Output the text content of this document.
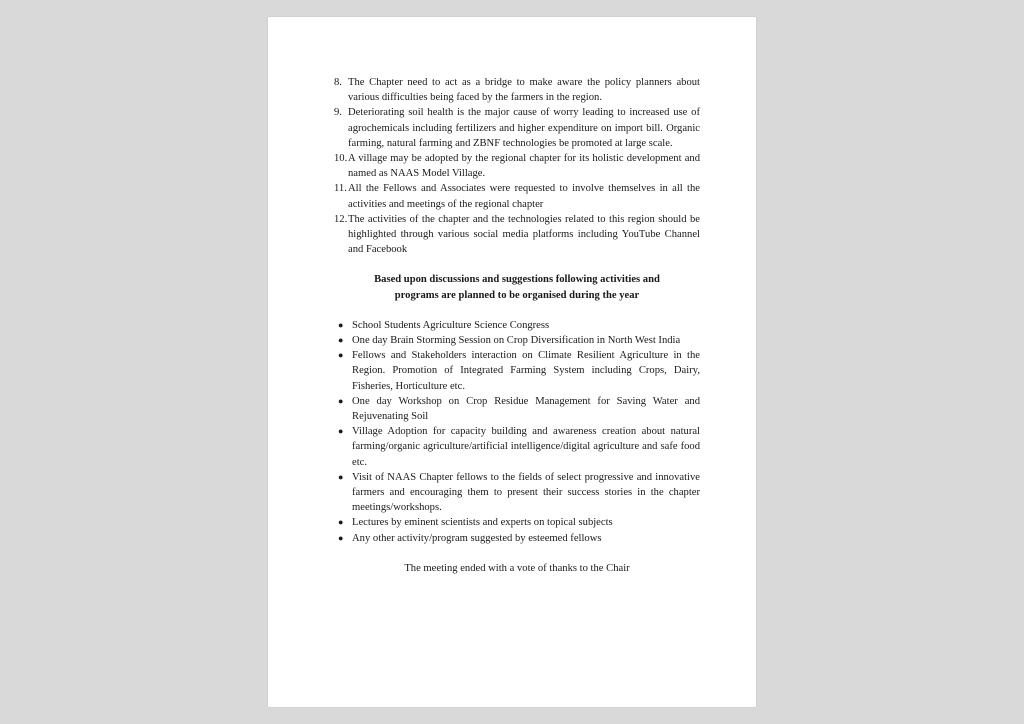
8. The Chapter need to act as a bridge to make aware the policy planners about various difficulties being faced by the farmers in the region.
9. Deteriorating soil health is the major cause of worry leading to increased use of agrochemicals including fertilizers and higher expenditure on import bill. Organic farming, natural farming and ZBNF technologies be promoted at large scale.
10. A village may be adopted by the regional chapter for its holistic development and named as NAAS Model Village.
11. All the Fellows and Associates were requested to involve themselves in all the activities and meetings of the regional chapter
12. The activities of the chapter and the technologies related to this region should be highlighted through various social media platforms including YouTube Channel and Facebook
Based upon discussions and suggestions following activities and programs are planned to be organised during the year
● School Students Agriculture Science Congress
● One day Brain Storming Session on Crop Diversification in North West India
● Fellows and Stakeholders interaction on Climate Resilient Agriculture in the Region. Promotion of Integrated Farming System including Crops, Dairy, Fisheries, Horticulture etc.
● One day Workshop on Crop Residue Management for Saving Water and Rejuvenating Soil
● Village Adoption for capacity building and awareness creation about natural farming/organic agriculture/artificial intelligence/digital agriculture and safe food etc.
● Visit of NAAS Chapter fellows to the fields of select progressive and innovative farmers and encouraging them to present their success stories in the chapter meetings/workshops.
● Lectures by eminent scientists and experts on topical subjects
● Any other activity/program suggested by esteemed fellows
The meeting ended with a vote of thanks to the Chair
